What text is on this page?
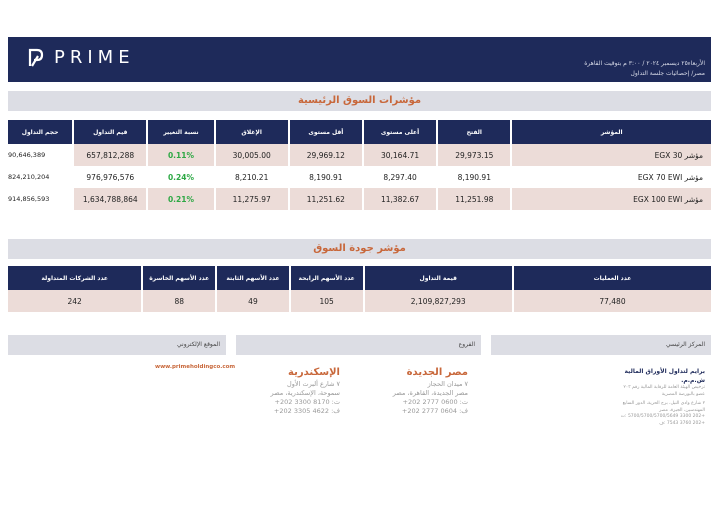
PRIME	الأربعاء٢٥ ديسمبر ٢٠٢٤ / ٣:٠٠ م بتوقيت القاهرة
مصر/ إحصائيات جلسة التداول
مؤشرات السوق الرئيسية
حجم التداول	قيم التداول	نسبة التغيير	الإغلاق	أقل مستوى	أعلى مستوى	الفتح	المؤشر
90,646,389	657,812,288	0.11%	30,005.00	29,969.12	30,164.71	29,973.15	مؤشر EGX 30
824,210,204	976,976,576	0.24%	8,210.21	8,190.91	8,297.40	8,190.91	مؤشر EGX 70 EWI
914,856,593	1,634,788,864	0.21%	11,275.97	11,251.62	11,382.67	11,251.98	مؤشر EGX 100 EWI
مؤشر جودة السوق
عدد الشركات المتداولة	عدد الأسهم الخاسرة	عدد الأسهم الثابتة	عدد الأسهم الرابحة	قيمة التداول	عدد العمليات
242	88	49	105	2,109,827,293	77,480
الموقع الإلكتروني	الفروع	المركز الرئيسي
www.primeholdingco.com	الإسكندرية
٧ شارع ألبرت الأول
سموحة، الإسكندرية، مصر
ت: 8170 3300 202+
ف: 4622 3305 202+
مصر الجديدة
٧ ميدان الحجاز
مصر الجديدة، القاهرة، مصر
ت: 0600 2777 202+
ف: 0604 2777 202+
برايم لتداول الأوراق المالية ش.م.م.
ترخيص الهيئة العامة للرقابة المالية رقم ٢٠٣
عضو بالبورصة المصرية
٢ شارع وادي النيل، برج الحرية، الدور السابع
المهندسين، الجيزة، مصر
+202 3300 5700/5700/5700/5649 :ت
+202 3760 7543 :ف
